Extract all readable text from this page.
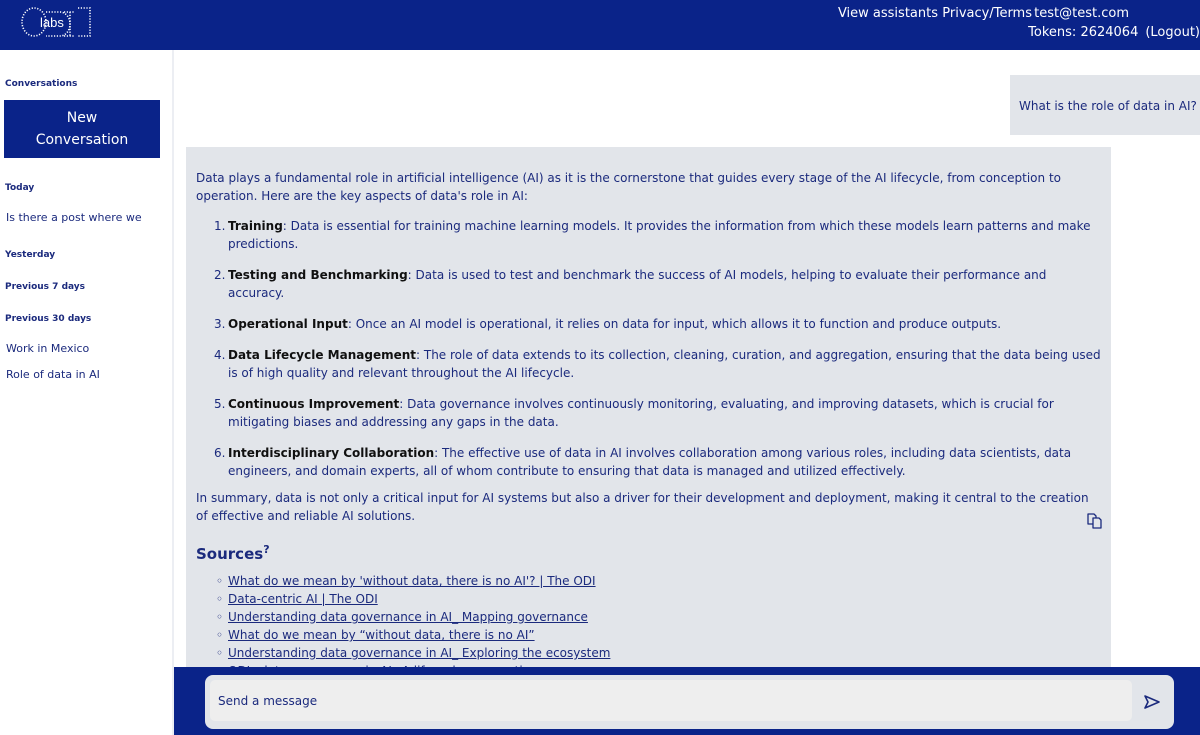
labs
View assistants Privacy/Terms test@test.com
Tokens: 2624064 (Logout)
Conversations
New
Conversation
Today
Is there a post where we
Yesterday
Previous 7 days
Previous 30 days
Work in Mexico
Role of data in AI
What is the role of data in AI?

Data plays a fundamental role in artificial intelligence (AI) as it is the cornerstone that guides every stage of the AI lifecycle, from conception to operation. Here are the key aspects of data's role in AI:

1. Training: Data is essential for training machine learning models. It provides the information from which these models learn patterns and make predictions.
2. Testing and Benchmarking: Data is used to test and benchmark the success of AI models, helping to evaluate their performance and accuracy.
3. Operational Input: Once an AI model is operational, it relies on data for input, which allows it to function and produce outputs.
4. Data Lifecycle Management: The role of data extends to its collection, cleaning, curation, and aggregation, ensuring that the data being used is of high quality and relevant throughout the AI lifecycle.
5. Continuous Improvement: Data governance involves continuously monitoring, evaluating, and improving datasets, which is crucial for mitigating biases and addressing any gaps in the data.
6. Interdisciplinary Collaboration: The effective use of data in AI involves collaboration among various roles, including data scientists, data engineers, and domain experts, all of whom contribute to ensuring that data is managed and utilized effectively.

In summary, data is not only a critical input for AI systems but also a driver for their development and deployment, making it central to the creation of effective and reliable AI solutions.

Sources?
◦ What do we mean by 'without data, there is no AI'? | The ODI
◦ Data-centric AI | The ODI
◦ Understanding data governance in AI_ Mapping governance
◦ What do we mean by “without data, there is no AI”
◦ Understanding data governance in AI_ Exploring the ecosystem
◦
Send a message
